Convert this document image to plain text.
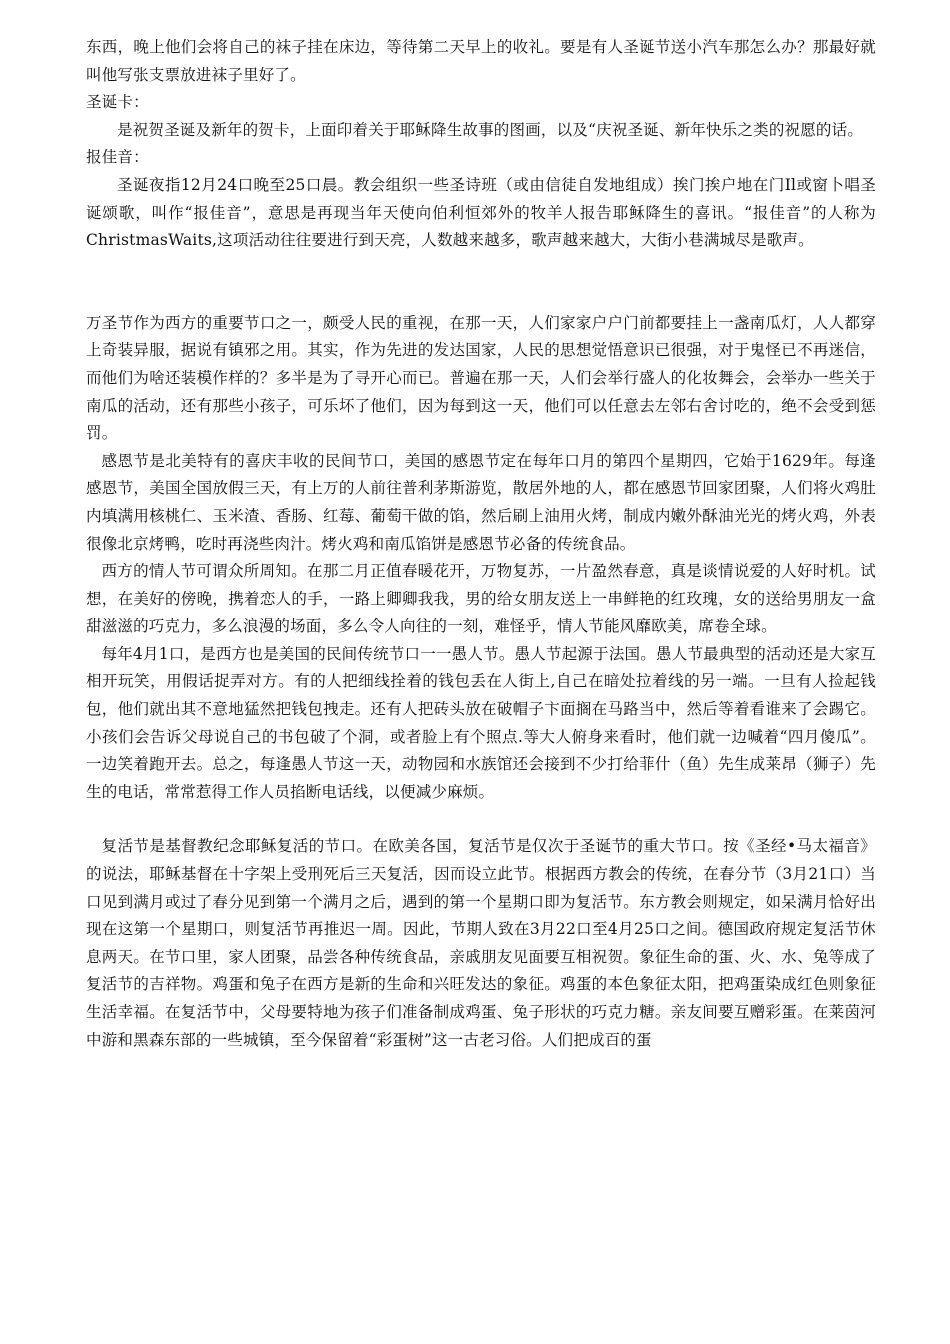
东西，晚上他们会将自己的袜子挂在床边，等待第二天早上的收礼。要是有人圣诞节送小汽车那怎么办？那最好就叫他写张支票放进袜子里好了。

圣诞卡：

是祝贺圣诞及新年的贺卡，上面印着关于耶稣降生故事的图画，以及“庆祝圣诞、新年快乐之类的祝愿的话。

报佳音：

圣诞夜指12月24口晚至25口晨。教会组织一些圣诗班（或由信徒自发地组成）挨门挨户地在门Il或窗卜唱圣诞颂歌，叫作“报佳音”，意思是再现当年天使向伯利恒郊外的牧羊人报告耶稣降生的喜讯。“报佳音”的人称为ChristmasWaits,这项活动往往要进行到天亮，人数越来越多，歌声越来越大，大街小巷满城尽是歌声。

万圣节作为西方的重要节口之一，颇受人民的重视，在那一天，人们家家户户门前都要挂上一盏南瓜灯，人人都穿上奇装异服，据说有镇邪之用。其实，作为先进的发达国家，人民的思想觉悟意识已很强，对于鬼怪已不再迷信，而他们为啥还装模作样的？多半是为了寻开心而已。普遍在那一天，人们会举行盛人的化妆舞会，会举办一些关于南瓜的活动，还有那些小孩子，可乐坏了他们，因为每到这一天，他们可以任意去左邻右舍讨吃的，绝不会受到惩罚。

感恩节是北美特有的喜庆丰收的民间节口，美国的感恩节定在每年口月的第四个星期四，它始于1629年。每逢感恩节，美国全国放假三天，有上万的人前往普利茅斯游览，散居外地的人，都在感恩节回家团聚，人们将火鸡肚内填满用核桃仁、玉米渣、香肠、红莓、葡萄干做的馅，然后刷上油用火烤，制成内嫩外酥油光光的烤火鸡，外表很像北京烤鸭，吃时再浇些肉汁。烤火鸡和南瓜馅饼是感恩节必备的传统食品。

西方的情人节可谓众所周知。在那二月正值春暖花开，万物复苏，一片盈然春意，真是谈情说爱的人好时机。试想，在美好的傍晚，携着恋人的手，一路上卿卿我我，男的给女朋友送上一串鲜艳的红玫瑰，女的送给男朋友一盒甜滋滋的巧克力，多么浪漫的场面，多么令人向往的一刻，难怪乎，情人节能风靡欧美，席卷全球。

每年4月1口，是西方也是美国的民间传统节口一一愚人节。愚人节起源于法国。愚人节最典型的活动还是大家互相开玩笑，用假话捉弄对方。有的人把细线拴着的钱包丢在人街上,自己在暗处拉着线的另一端。一旦有人捡起钱包，他们就出其不意地猛然把钱包拽走。还有人把砖头放在破帽子卞面搁在马路当中，然后等着看谁来了会踢它。小孩们会告诉父母说自己的书包破了个洞，或者脸上有个照点.等大人俯身来看时，他们就一边喊着“四月傻瓜”。一边笑着跑开去。总之，每逢愚人节这一天，动物园和水族馆还会接到不少打给菲什（鱼）先生成莱昂（狮子）先生的电话，常常惹得工作人员掐断电话线，以便减少麻烦。

复活节是基督教纪念耶稣复活的节口。在欧美各国，复活节是仅次于圣诞节的重大节口。按《圣经•马太福音》的说法，耶稣基督在十字架上受刑死后三天复活，因而设立此节。根据西方教会的传统，在春分节（3月21口）当口见到满月或过了春分见到第一个满月之后，遇到的第一个星期口即为复活节。东方教会则规定，如呆满月恰好出现在这第一个星期口，则复活节再推迟一周。因此，节期人致在3月22口至4月25口之间。德国政府规定复活节休息两天。在节口里，家人团聚，品尝各种传统食品，亲戚朋友见面要互相祝贺。象征生命的蛋、火、水、兔等成了复活节的吉祥物。鸡蛋和兔子在西方是新的生命和兴旺发达的象征。鸡蛋的本色象征太阳，把鸡蛋染成红色则象征生活幸福。在复活节中，父母要特地为孩子们准备制成鸡蛋、兔子形状的巧克力糖。亲友间要互赠彩蛋。在莱茵河中游和黑森东部的一些城镇，至今保留着“彩蛋树”这一古老习俗。人们把成百的蛋
